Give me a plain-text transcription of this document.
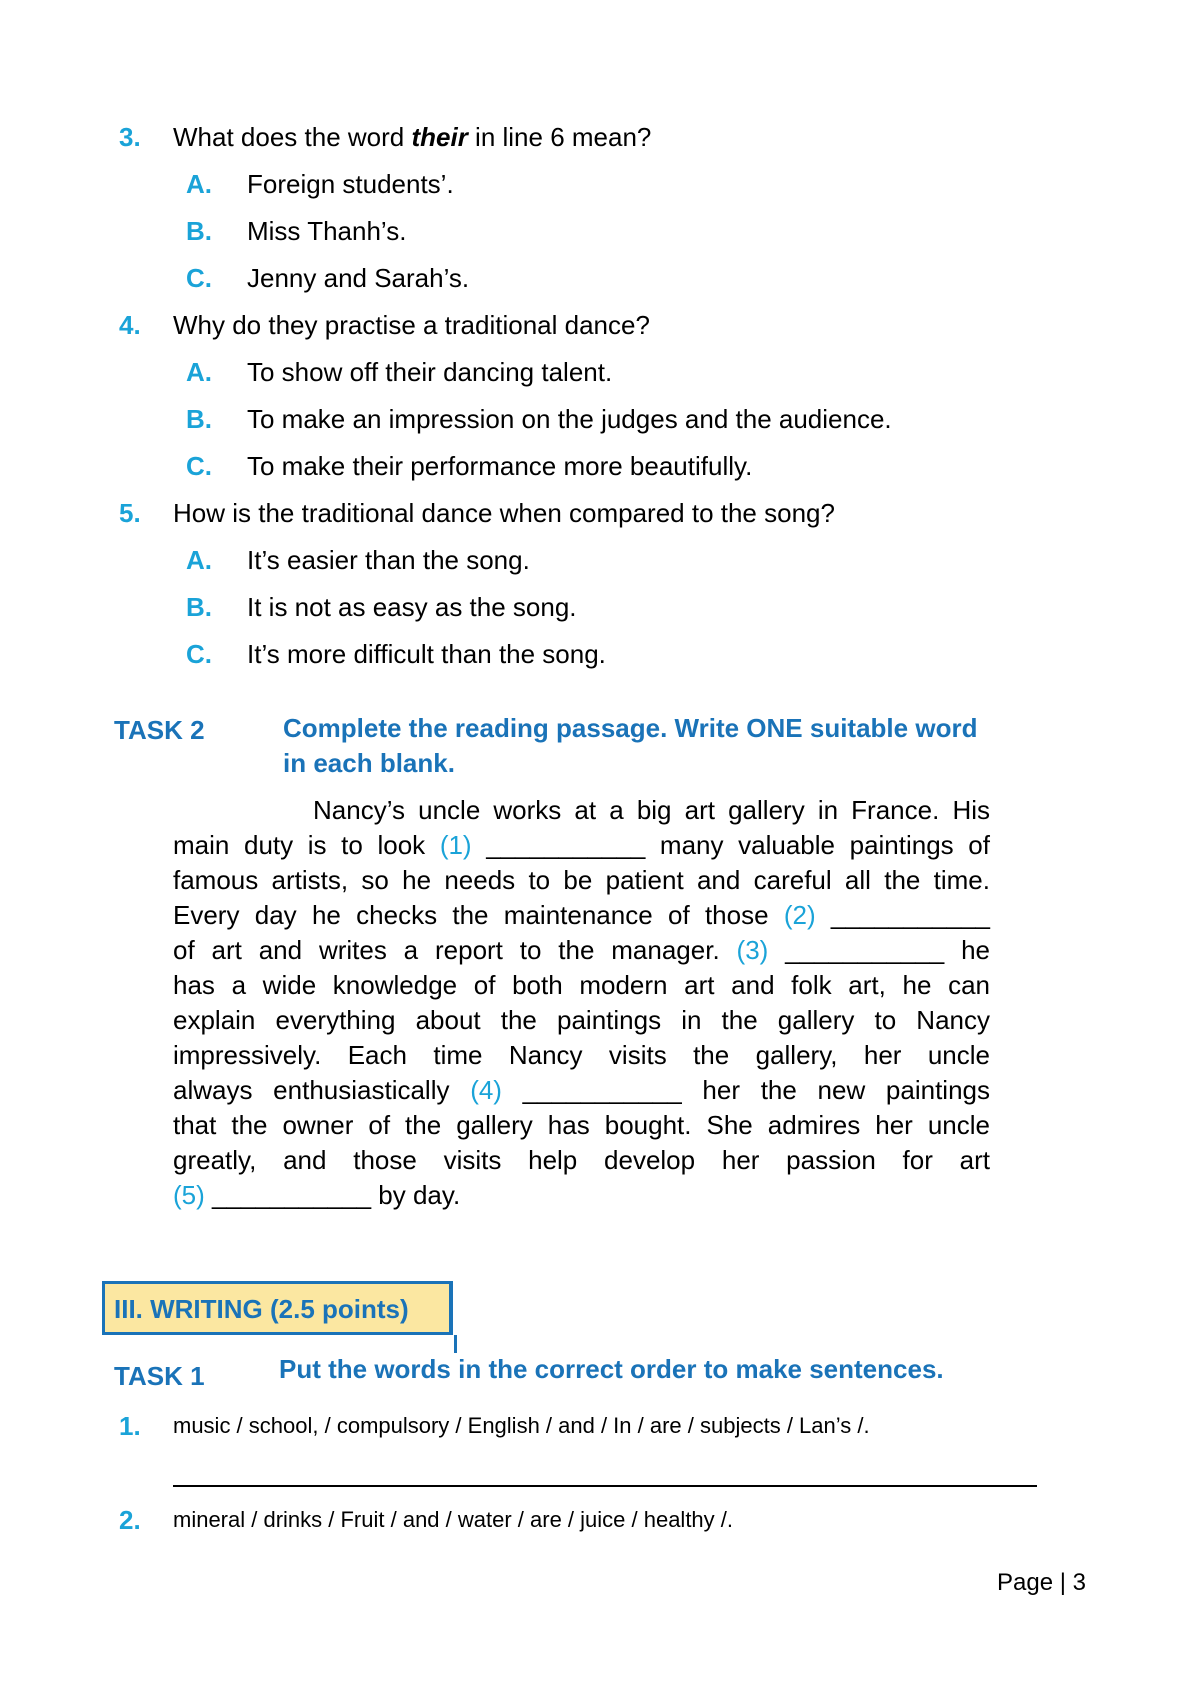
3. What does the word their in line 6 mean?
A. Foreign students’.
B. Miss Thanh’s.
C. Jenny and Sarah’s.
4. Why do they practise a traditional dance?
A. To show off their dancing talent.
B. To make an impression on the judges and the audience.
C. To make their performance more beautifully.
5. How is the traditional dance when compared to the song?
A. It’s easier than the song.
B. It is not as easy as the song.
C. It’s more difficult than the song.
TASK 2	Complete the reading passage. Write ONE suitable word
in each blank.
Nancy’s uncle works at a big art gallery in France. His
main duty is to look (1) ___________ many valuable paintings of
famous artists, so he needs to be patient and careful all the time.
Every day he checks the maintenance of those (2) ___________
of art and writes a report to the manager. (3) ___________ he
has a wide knowledge of both modern art and folk art, he can
explain everything about the paintings in the gallery to Nancy
impressively. Each time Nancy visits the gallery, her uncle
always enthusiastically (4) ___________ her the new paintings
that the owner of the gallery has bought. She admires her uncle
greatly, and those visits help develop her passion for art
(5) ___________ by day.
III. WRITING (2.5 points)
TASK 1	Put the words in the correct order to make sentences.
1. music / school, / compulsory / English / and / In / are / subjects / Lan’s /.
2. mineral / drinks / Fruit / and / water / are / juice / healthy /.
Page | 3
